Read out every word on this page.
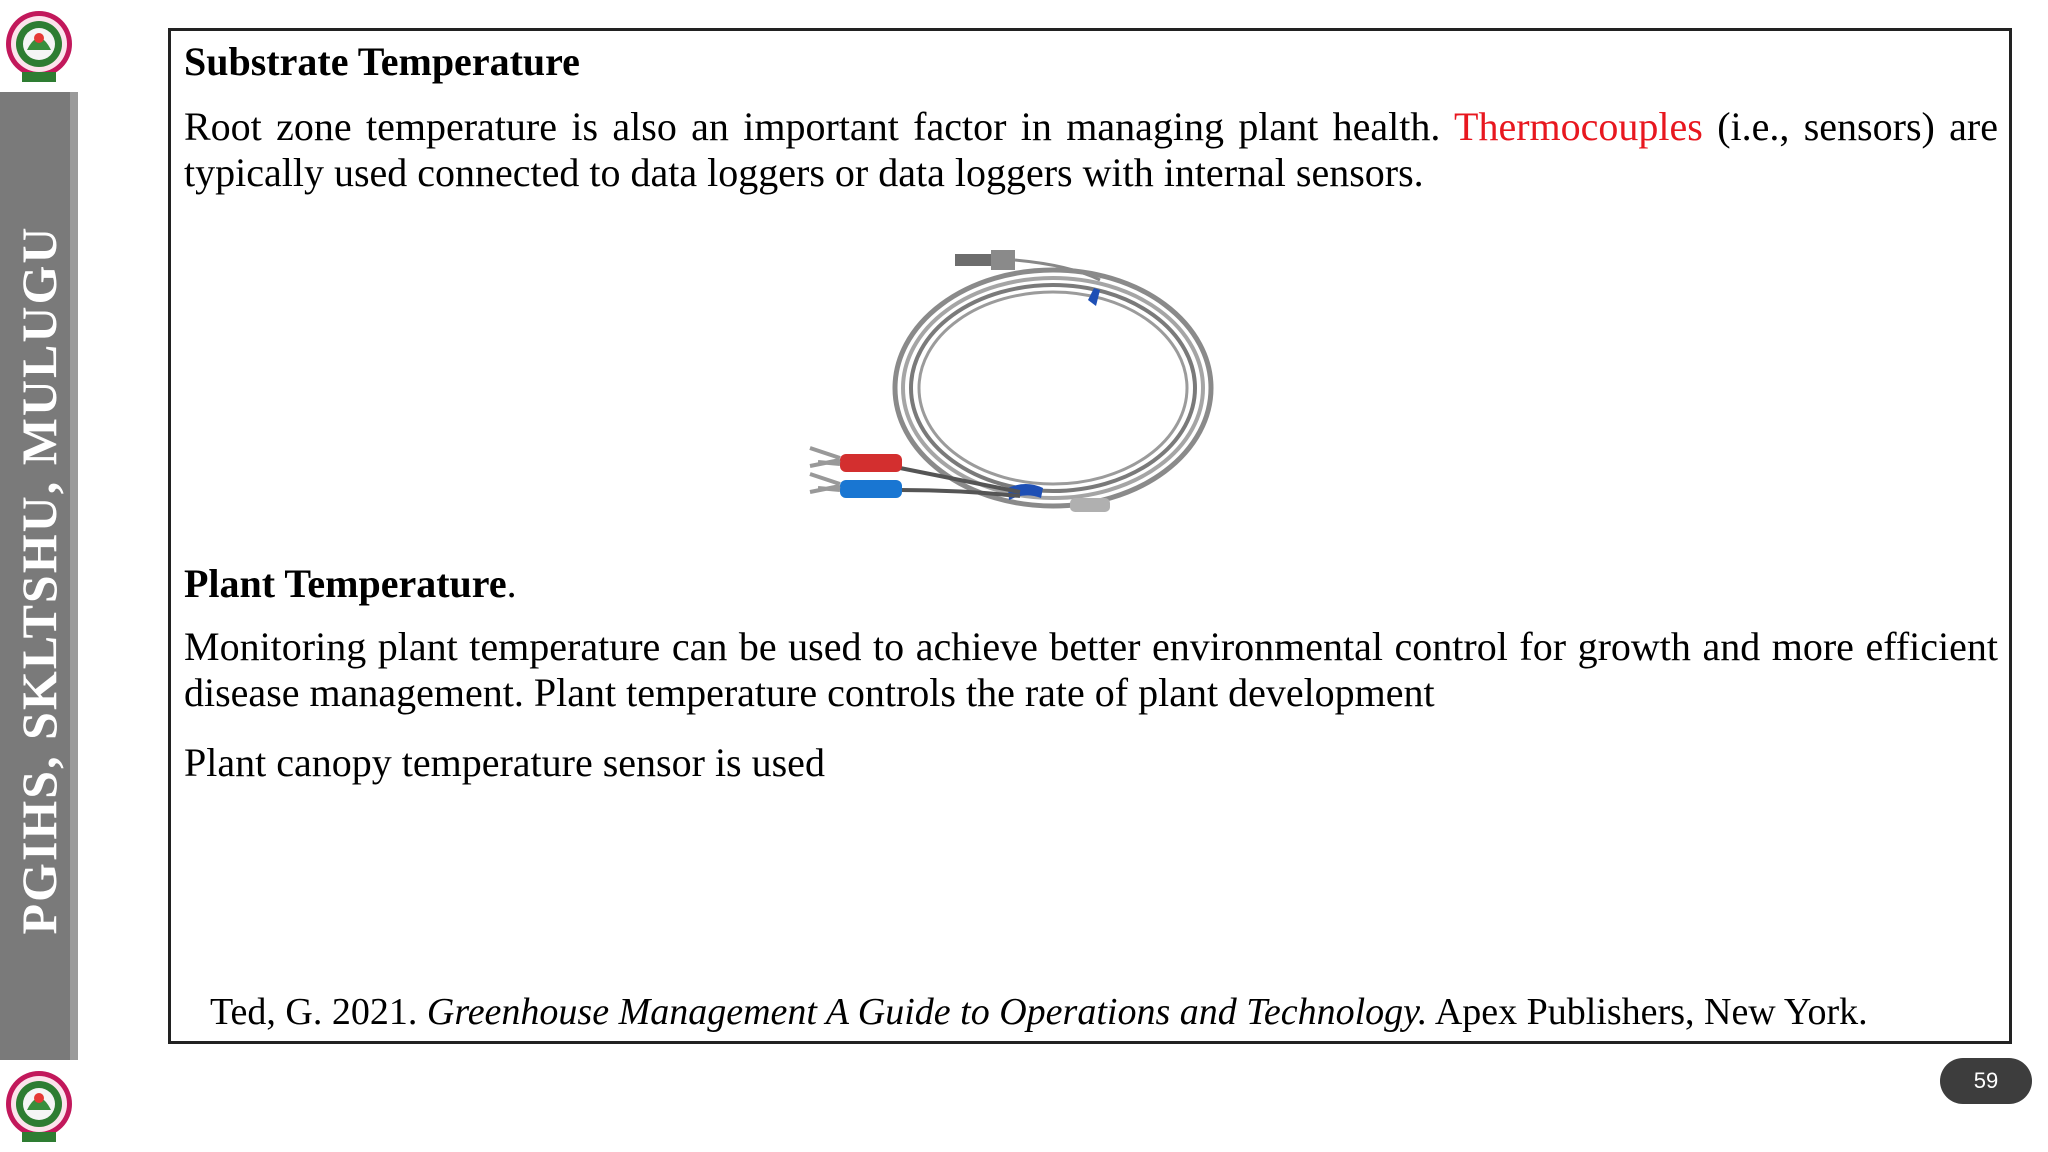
PGIHS, SKLTSHU, MULUGU
Substrate Temperature
Root zone temperature is also an important factor in managing plant health. Thermocouples (i.e., sensors) are typically used connected to data loggers or data loggers with internal sensors.
Plant Temperature.
Monitoring plant temperature can be used to achieve better environmental control for growth and more efficient disease management. Plant temperature controls the rate of plant development
Plant canopy temperature sensor is used
Ted, G. 2021. Greenhouse Management A Guide to Operations and Technology. Apex Publishers, New York.
59
